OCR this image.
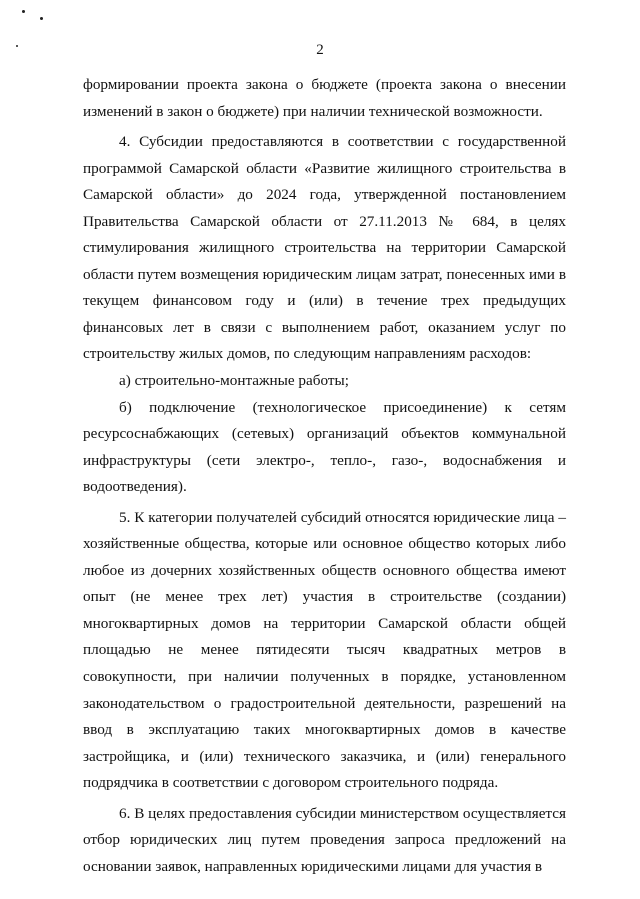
2

формировании проекта закона о бюджете (проекта закона о внесении изменений в закон о бюджете) при наличии технической возможности.

4. Субсидии предоставляются в соответствии с государственной программой Самарской области «Развитие жилищного строительства в Самарской области» до 2024 года, утвержденной постановлением Правительства Самарской области от 27.11.2013 № 684, в целях стимулирования жилищного строительства на территории Самарской области путем возмещения юридическим лицам затрат, понесенных ими в текущем финансовом году и (или) в течение трех предыдущих финансовых лет в связи с выполнением работ, оказанием услуг по строительству жилых домов, по следующим направлениям расходов:

а) строительно-монтажные работы;

б) подключение (технологическое присоединение) к сетям ресурсоснабжающих (сетевых) организаций объектов коммунальной инфраструктуры (сети электро-, тепло-, газо-, водоснабжения и водоотведения).

5. К категории получателей субсидий относятся юридические лица – хозяйственные общества, которые или основное общество которых либо любое из дочерних хозяйственных обществ основного общества имеют опыт (не менее трех лет) участия в строительстве (создании) многоквартирных домов на территории Самарской области общей площадью не менее пятидесяти тысяч квадратных метров в совокупности, при наличии полученных в порядке, установленном законодательством о градостроительной деятельности, разрешений на ввод в эксплуатацию таких многоквартирных домов в качестве застройщика, и (или) технического заказчика, и (или) генерального подрядчика в соответствии с договором строительного подряда.

6. В целях предоставления субсидии министерством осуществляется отбор юридических лиц путем проведения запроса предложений на основании заявок, направленных юридическими лицами для участия в
